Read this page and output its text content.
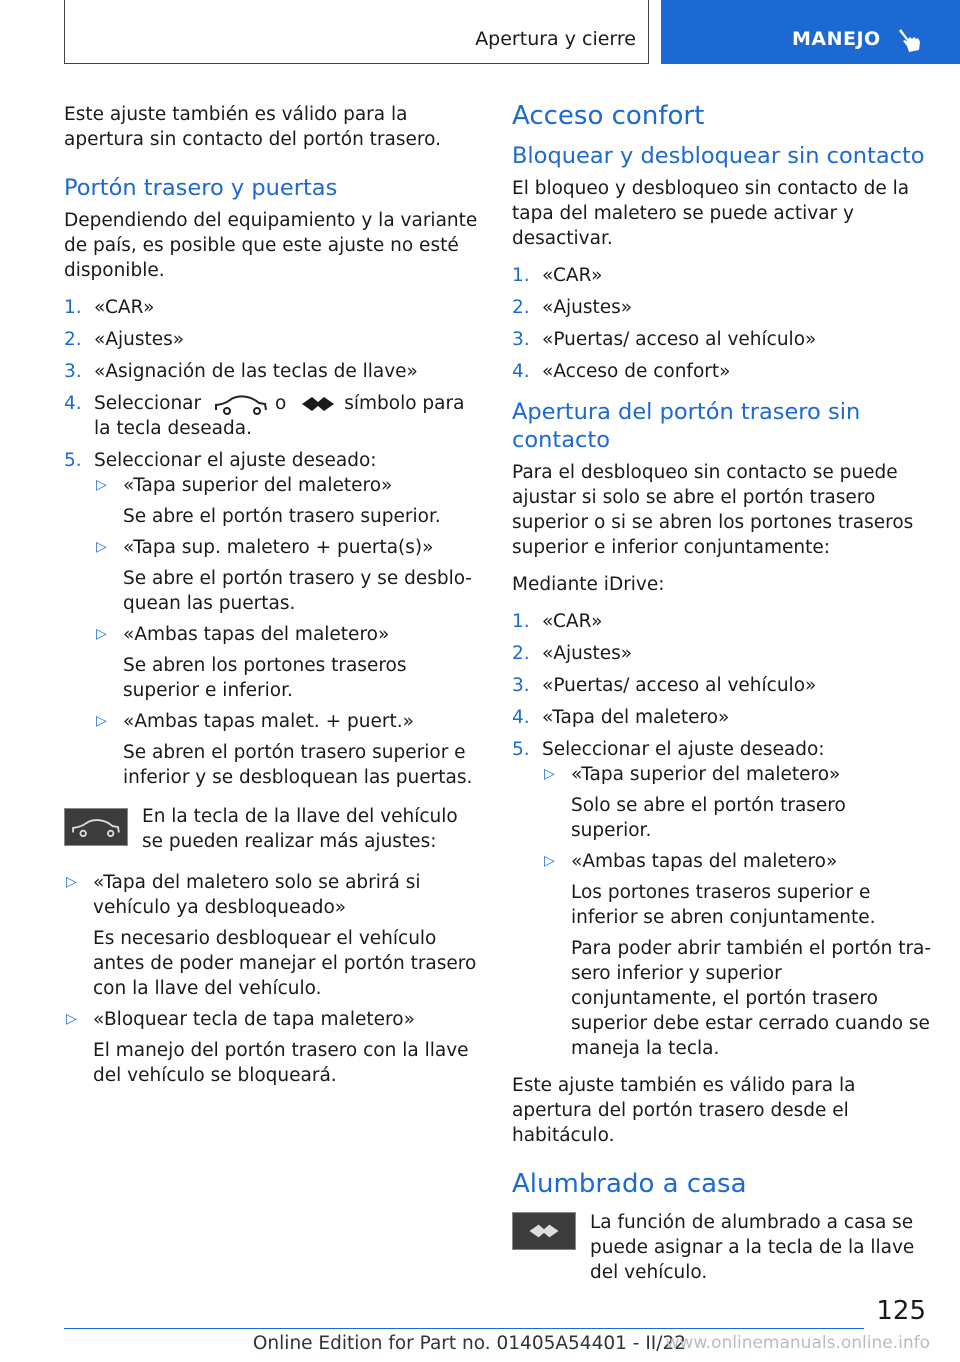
Apertura y cierre	MANEJO

Este ajuste también es válido para la apertura sin contacto del portón trasero.

Portón trasero y puertas

Dependiendo del equipamiento y la variante de país, es posible que este ajuste no esté disponible.

1. «CAR»
2. «Ajustes»
3. «Asignación de las teclas de llave»
4. Seleccionar	o	símbolo para la tecla deseada.
5. Seleccionar el ajuste deseado:
▷ «Tapa superior del maletero»
Se abre el portón trasero superior.
▷ «Tapa sup. maletero + puerta(s)»
Se abre el portón trasero y se desbloquean las puertas.
▷ «Ambas tapas del maletero»
Se abren los portones traseros superior e inferior.
▷ «Ambas tapas malet. + puert.»
Se abren el portón trasero superior e inferior y se desbloquean las puertas.

En la tecla de la llave del vehículo se pueden realizar más ajustes:

▷ «Tapa del maletero solo se abrirá si vehículo ya desbloqueado»
Es necesario desbloquear el vehículo antes de poder manejar el portón trasero con la llave del vehículo.
▷ «Bloquear tecla de tapa maletero»
El manejo del portón trasero con la llave del vehículo se bloqueará.
Acceso confort
Bloquear y desbloquear sin contacto

El bloqueo y desbloqueo sin contacto de la tapa del maletero se puede activar y desactivar.

1. «CAR»
2. «Ajustes»
3. «Puertas/ acceso al vehículo»
4. «Acceso de confort»
Apertura del portón trasero sin contacto

Para el desbloqueo sin contacto se puede ajustar si solo se abre el portón trasero superior o si se abren los portones traseros superior e inferior conjuntamente:

Mediante iDrive:

1. «CAR»
2. «Ajustes»
3. «Puertas/ acceso al vehículo»
4. «Tapa del maletero»
5. Seleccionar el ajuste deseado:
▷ «Tapa superior del maletero»
Solo se abre el portón trasero superior.
▷ «Ambas tapas del maletero»
Los portones traseros superior e inferior se abren conjuntamente.
Para poder abrir también el portón trasero inferior y superior conjuntamente, el portón trasero superior debe estar cerrado cuando se maneja la tecla.

Este ajuste también es válido para la apertura del portón trasero desde el habitáculo.

Alumbrado a casa

La función de alumbrado a casa se puede asignar a la tecla de la llave del vehículo.

125
Online Edition for Part no. 01405A54401 - II/22
www.onlinemanuals.online.info
